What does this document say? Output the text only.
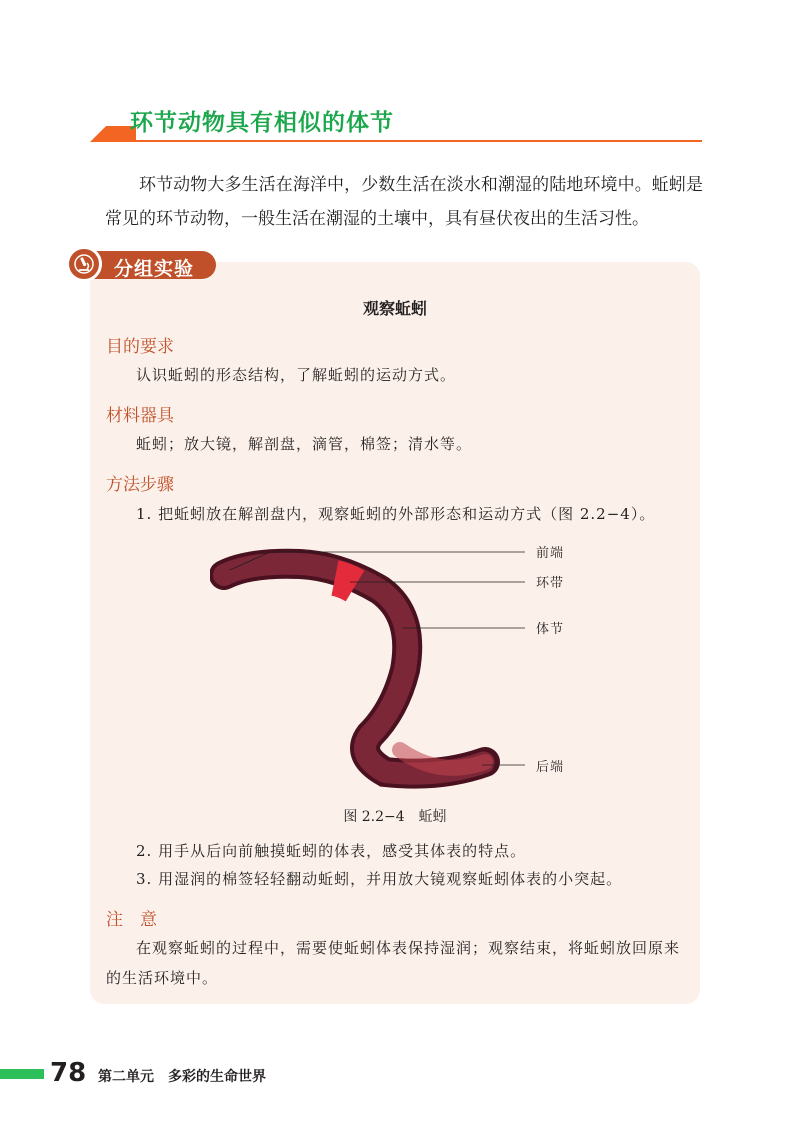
环节动物具有相似的体节
环节动物大多生活在海洋中，少数生活在淡水和潮湿的陆地环境中。蚯蚓是常见的环节动物，一般生活在潮湿的土壤中，具有昼伏夜出的生活习性。
分组实验
观察蚯蚓
目的要求
认识蚯蚓的形态结构，了解蚯蚓的运动方式。
材料器具
蚯蚓；放大镜，解剖盘，滴管，棉签；清水等。
方法步骤
1. 把蚯蚓放在解剖盘内，观察蚯蚓的外部形态和运动方式（图 2.2−4）。
前端
环带
体节
后端
图 2.2−4　蚯蚓
2. 用手从后向前触摸蚯蚓的体表，感受其体表的特点。
3. 用湿润的棉签轻轻翻动蚯蚓，并用放大镜观察蚯蚓体表的小突起。
注　意
在观察蚯蚓的过程中，需要使蚯蚓体表保持湿润；观察结束，将蚯蚓放回原来的生活环境中。
78 第二单元　多彩的生命世界
